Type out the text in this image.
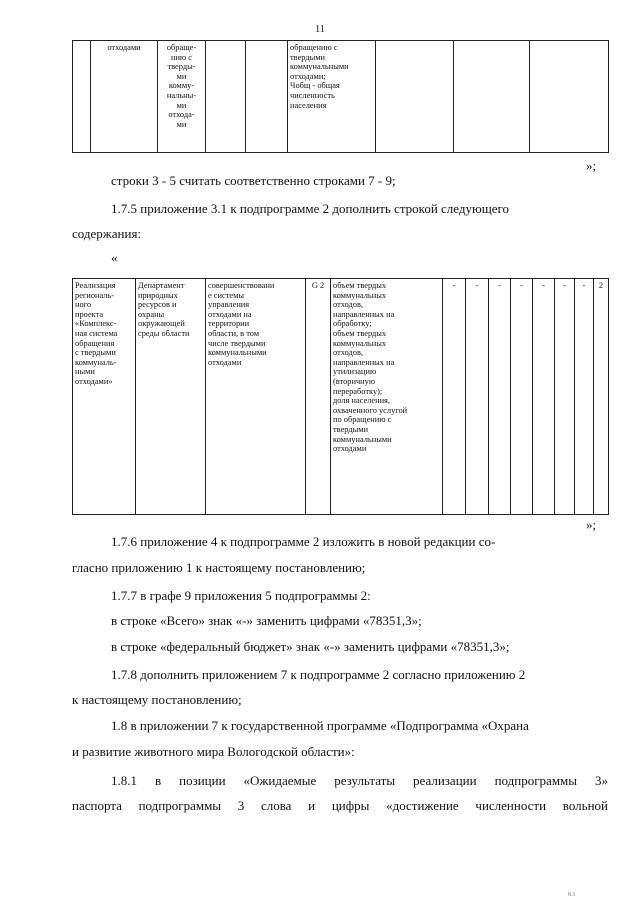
11
	отходами	обраще-
нию с
тверды-
ми
комму-
нальны-
ми
отхода-
ми			обращению с
твердыми
коммунальными
отходами;
Чобщ - общая
численность
населения			
»;
строки 3 - 5 считать соответственно строками 7 - 9;
1.7.5 приложение 3.1 к подпрограмме 2 дополнить строкой следующего
содержания:
«
Реализация
региональ-
ного
проекта
«Комплекс-
ная система
обращения
с твердыми
коммуналь-
ными
отходами»	Департамент
природных
ресурсов и
охраны
окружающей
среды области	совершенствовани
е системы
управления
отходами на
территории
области, в том
числе твердыми
коммунальными
отходами	G 2	объем твердых
коммунальных
отходов,
направленных на
обработку;
объем твердых
коммунальных
отходов,
направленных на
утилизацию
(вторичную
переработку);
доля населения,
охваченного услугой
по обращению с
твердыми
коммунальными
отходами	-	-	-	-	-	-	-	2
»;
1.7.6 приложение 4 к подпрограмме 2 изложить в новой редакции со-
гласно приложению 1 к настоящему постановлению;
1.7.7 в графе 9 приложения 5 подпрограммы 2:
в строке «Всего» знак «-» заменить цифрами «78351,3»;
в строке «федеральный бюджет» знак «-» заменить цифрами «78351,3»;
1.7.8 дополнить приложением 7 к подпрограмме 2 согласно приложению 2
к настоящему постановлению;
1.8 в приложении 7 к государственной программе «Подпрограмма «Охрана
и развитие животного мира Вологодской области»:
1.8.1 в позиции «Ожидаемые результаты реализации подпрограммы 3»
паспорта подпрограммы 3 слова и цифры «достижение численности вольной
8.1
